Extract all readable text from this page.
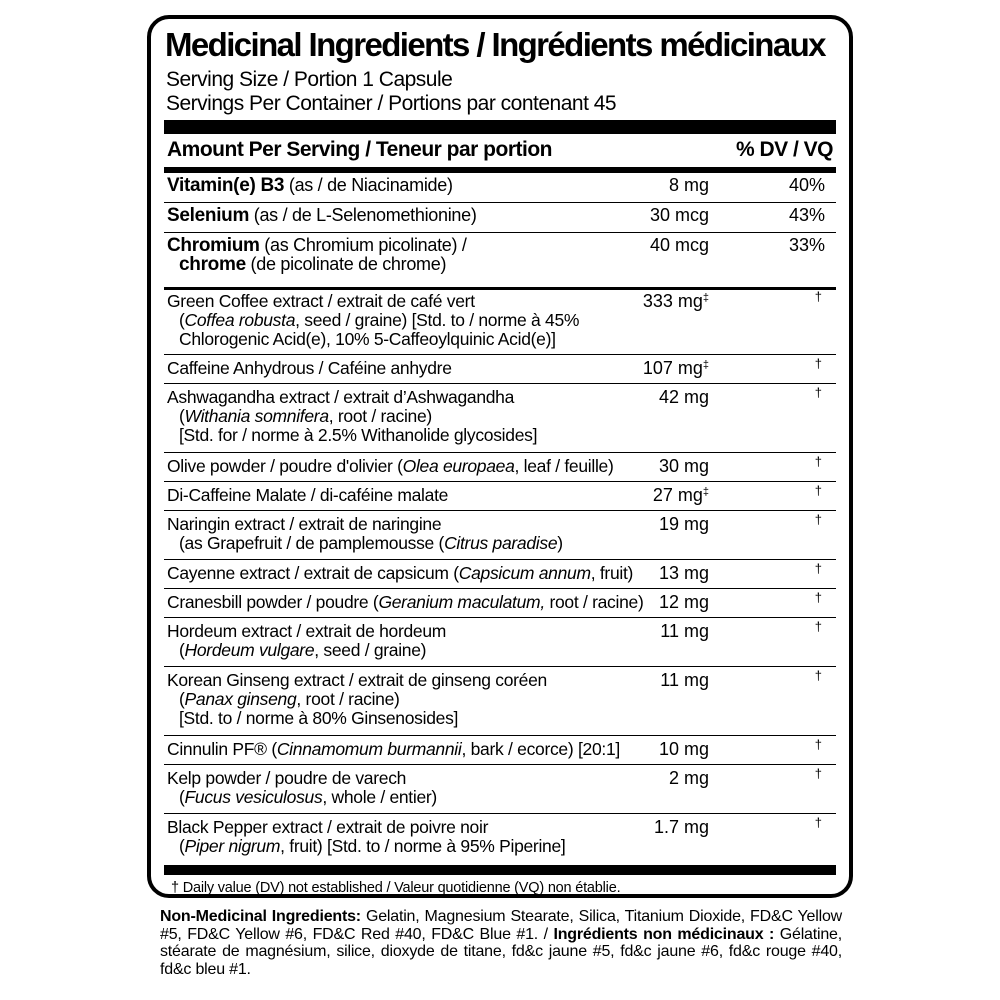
Medicinal Ingredients / Ingrédients médicinaux
Serving Size / Portion 1 Capsule
Servings Per Container / Portions par contenant 45
Amount Per Serving / Teneur par portion	% DV / VQ
Vitamin(e) B3 (as / de Niacinamide)	8 mg	40%
Selenium (as / de L-Selenomethionine)	30 mcg	43%
Chromium (as Chromium picolinate) /
chrome (de picolinate de chrome)
40 mcg	33%
Green Coffee extract / extrait de café vert
(Coffea robusta, seed / graine) [Std. to / norme à 45%
Chlorogenic Acid(e), 10% 5-Caffeoylquinic Acid(e)]
333 mg‡	†
Caffeine Anhydrous / Caféine anhydre	107 mg‡	†
Ashwagandha extract / extrait d’Ashwagandha
(Withania somnifera, root / racine)
[Std. for / norme à 2.5% Withanolide glycosides]
42 mg	†
Olive powder / poudre d'olivier (Olea europaea, leaf / feuille)	30 mg	†
Di-Caffeine Malate / di-caféine malate	27 mg‡	†
Naringin extract / extrait de naringine
(as Grapefruit / de pamplemousse (Citrus paradise)
19 mg	†
Cayenne extract / extrait de capsicum (Capsicum annum, fruit) 13 mg	†
Cranesbill powder / poudre (Geranium maculatum, root / racine) 12 mg	†
Hordeum extract / extrait de hordeum
(Hordeum vulgare, seed / graine)
11 mg	†
Korean Ginseng extract / extrait de ginseng coréen
(Panax ginseng, root / racine)
[Std. to / norme à 80% Ginsenosides]
11 mg	†
Cinnulin PF® (Cinnamomum burmannii, bark / ecorce) [20:1] 10 mg	†
Kelp powder / poudre de varech
(Fucus vesiculosus, whole / entier)
2 mg	†
Black Pepper extract / extrait de poivre noir
(Piper nigrum, fruit) [Std. to / norme à 95% Piperine]
1.7 mg	†
† Daily value (DV) not established / Valeur quotidienne (VQ) non établie.
Non-Medicinal Ingredients: Gelatin, Magnesium Stearate, Silica, Titanium Dioxide, FD&C Yellow #5, FD&C Yellow #6, FD&C Red #40, FD&C Blue #1. / Ingrédients non médicinaux : Gélatine, stéarate de magnésium, silice, dioxyde de titane, fd&c jaune #5, fd&c jaune #6, fd&c rouge #40, fd&c bleu #1.
